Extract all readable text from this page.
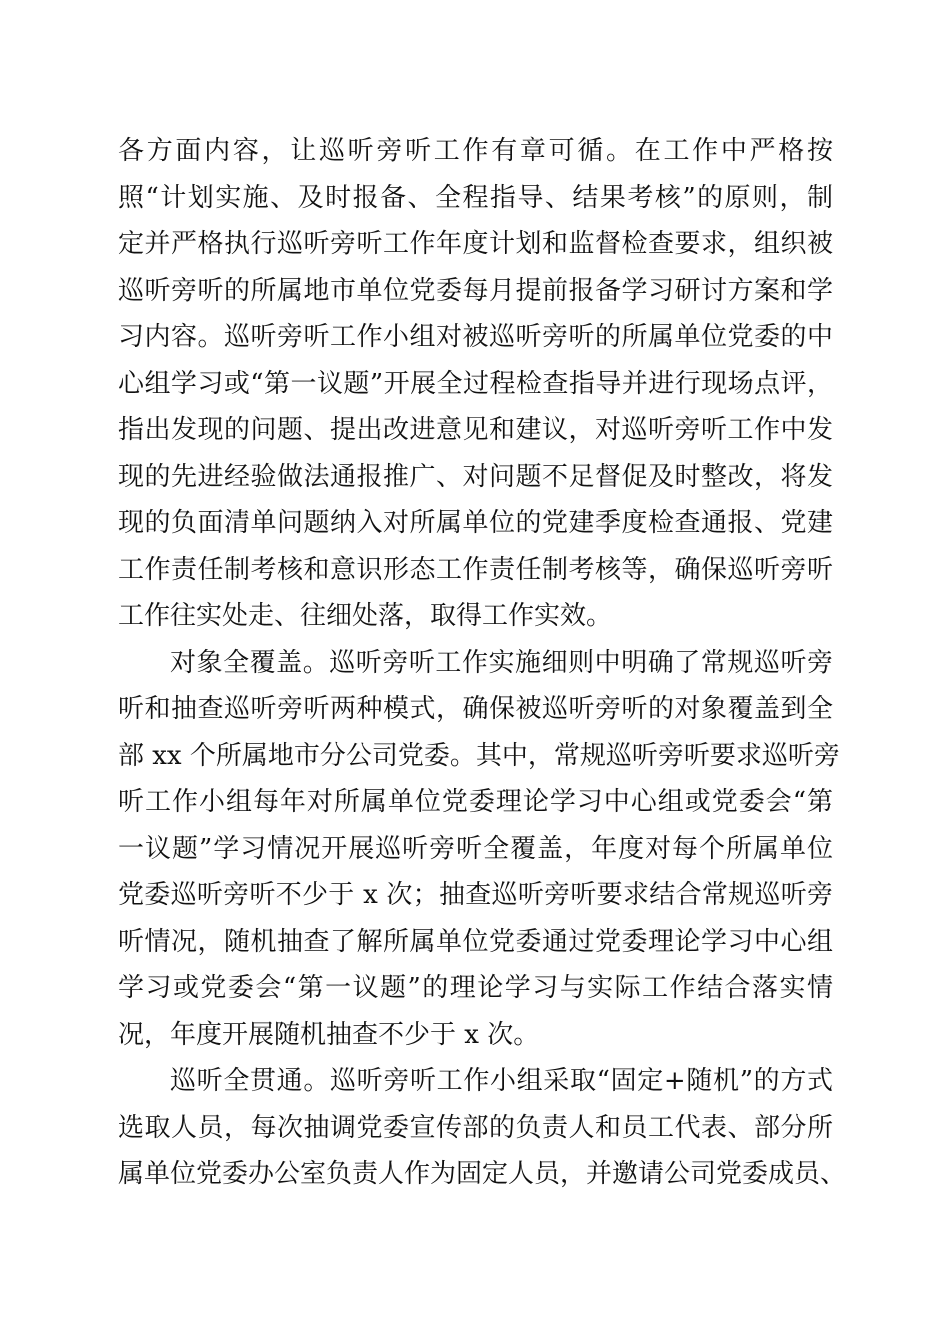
各方面内容，让巡听旁听工作有章可循。在工作中严格按
照“计划实施、及时报备、全程指导、结果考核”的原则，制
定并严格执行巡听旁听工作年度计划和监督检查要求，组织被
巡听旁听的所属地市单位党委每月提前报备学习研讨方案和学
习内容。巡听旁听工作小组对被巡听旁听的所属单位党委的中
心组学习或“第一议题”开展全过程检查指导并进行现场点评，
指出发现的问题、提出改进意见和建议，对巡听旁听工作中发
现的先进经验做法通报推广、对问题不足督促及时整改，将发
现的负面清单问题纳入对所属单位的党建季度检查通报、党建
工作责任制考核和意识形态工作责任制考核等，确保巡听旁听
工作往实处走、往细处落，取得工作实效。
对象全覆盖。巡听旁听工作实施细则中明确了常规巡听旁
听和抽查巡听旁听两种模式，确保被巡听旁听的对象覆盖到全
部 xx 个所属地市分公司党委。其中，常规巡听旁听要求巡听旁
听工作小组每年对所属单位党委理论学习中心组或党委会“第
一议题”学习情况开展巡听旁听全覆盖，年度对每个所属单位
党委巡听旁听不少于 x 次；抽查巡听旁听要求结合常规巡听旁
听情况，随机抽查了解所属单位党委通过党委理论学习中心组
学习或党委会“第一议题”的理论学习与实际工作结合落实情
况，年度开展随机抽查不少于 x 次。
巡听全贯通。巡听旁听工作小组采取“固定+随机”的方式
选取人员，每次抽调党委宣传部的负责人和员工代表、部分所
属单位党委办公室负责人作为固定人员，并邀请公司党委成员、
